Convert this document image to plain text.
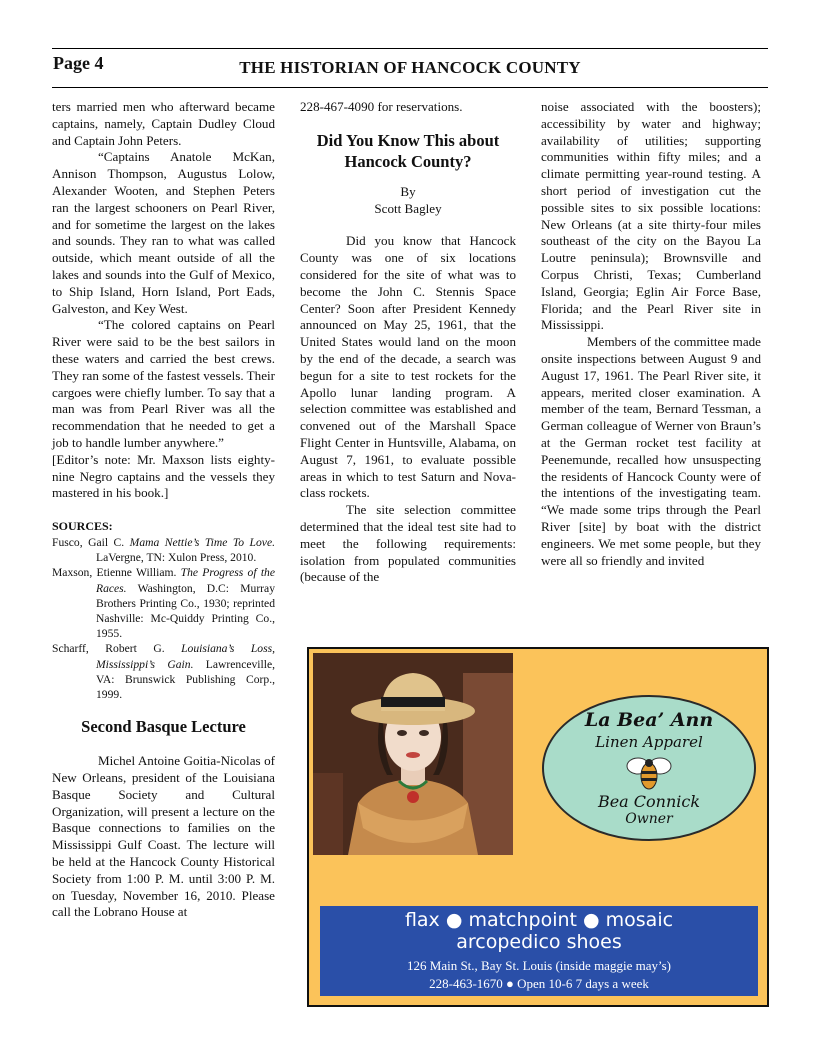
Page 4	THE HISTORIAN OF HANCOCK COUNTY

ters married men who afterward became captains, namely, Captain Dudley Cloud and Captain John Peters.

“Captains Anatole McKan, Annison Thompson, Augustus Lolow, Alexander Wooten, and Stephen Peters ran the largest schooners on Pearl River, and for sometime the largest on the lakes and sounds. They ran to what was called outside, which meant outside of all the lakes and sounds into the Gulf of Mexico, to Ship Island, Horn Island, Port Eads, Galveston, and Key West.

“The colored captains on Pearl River were said to be the best sailors in these waters and carried the best crews. They ran some of the fastest vessels. Their cargoes were chiefly lumber. To say that a man was from Pearl River was all the recommendation that he needed to get a job to handle lumber anywhere.”

[Editor’s note: Mr. Maxson lists eighty-nine Negro captains and the vessels they mastered in his book.]

SOURCES:

Fusco, Gail C. Mama Nettie’s Time To Love. LaVergne, TN: Xulon Press, 2010.

Maxson, Etienne William. The Progress of the Races. Washington, D.C: Murray Brothers Printing Co., 1930; reprinted Nashville: Mc-Quiddy Printing Co., 1955.

Scharff, Robert G. Louisiana’s Loss, Mississippi’s Gain. Lawrenceville, VA: Brunswick Publishing Corp., 1999.

Second Basque Lecture

Michel Antoine Goitia-Nicolas of New Orleans, president of the Louisiana Basque Society and Cultural Organization, will present a lecture on the Basque connections to families on the Mississippi Gulf Coast. The lecture will be held at the Hancock County Historical Society from 1:00 P. M. until 3:00 P. M. on Tuesday, November 16, 2010. Please call the Lobrano House at

228-467-4090 for reservations.

Did You Know This about Hancock County?

By

Scott Bagley

Did you know that Hancock County was one of six locations considered for the site of what was to become the John C. Stennis Space Center? Soon after President Kennedy announced on May 25, 1961, that the United States would land on the moon by the end of the decade, a search was begun for a site to test rockets for the Apollo lunar landing program. A selection committee was established and convened out of the Marshall Space Flight Center in Huntsville, Alabama, on August 7, 1961, to evaluate possible areas in which to test Saturn and Nova-class rockets.

The site selection committee determined that the ideal test site had to meet the following requirements: isolation from populated communities (because of the

noise associated with the boosters); accessibility by water and highway; availability of utilities; supporting communities within fifty miles; and a climate permitting year-round testing. A short period of investigation cut the possible sites to six possible locations: New Orleans (at a site thirty-four miles southeast of the city on the Bayou La Loutre peninsula); Brownsville and Corpus Christi, Texas; Cumberland Island, Georgia; Eglin Air Force Base, Florida; and the Pearl River site in Mississippi.

Members of the committee made onsite inspections between August 9 and August 17, 1961. The Pearl River site, it appears, merited closer examination. A member of the team, Bernard Tessman, a German colleague of Werner von Braun’s at the German rocket test facility at Peenemunde, recalled how unsuspecting the residents of Hancock County were of the intentions of the investigating team. “We made some trips through the Pearl River [site] by boat with the district engineers. We met some people, but they were all so friendly and invited

La Bea’ Ann
Linen Apparel
Bea Connick
Owner
flax ● matchpoint ● mosaic
arcopedico shoes
126 Main St., Bay St. Louis (inside maggie may’s)
228-463-1670 ● Open 10-6 7 days a week
